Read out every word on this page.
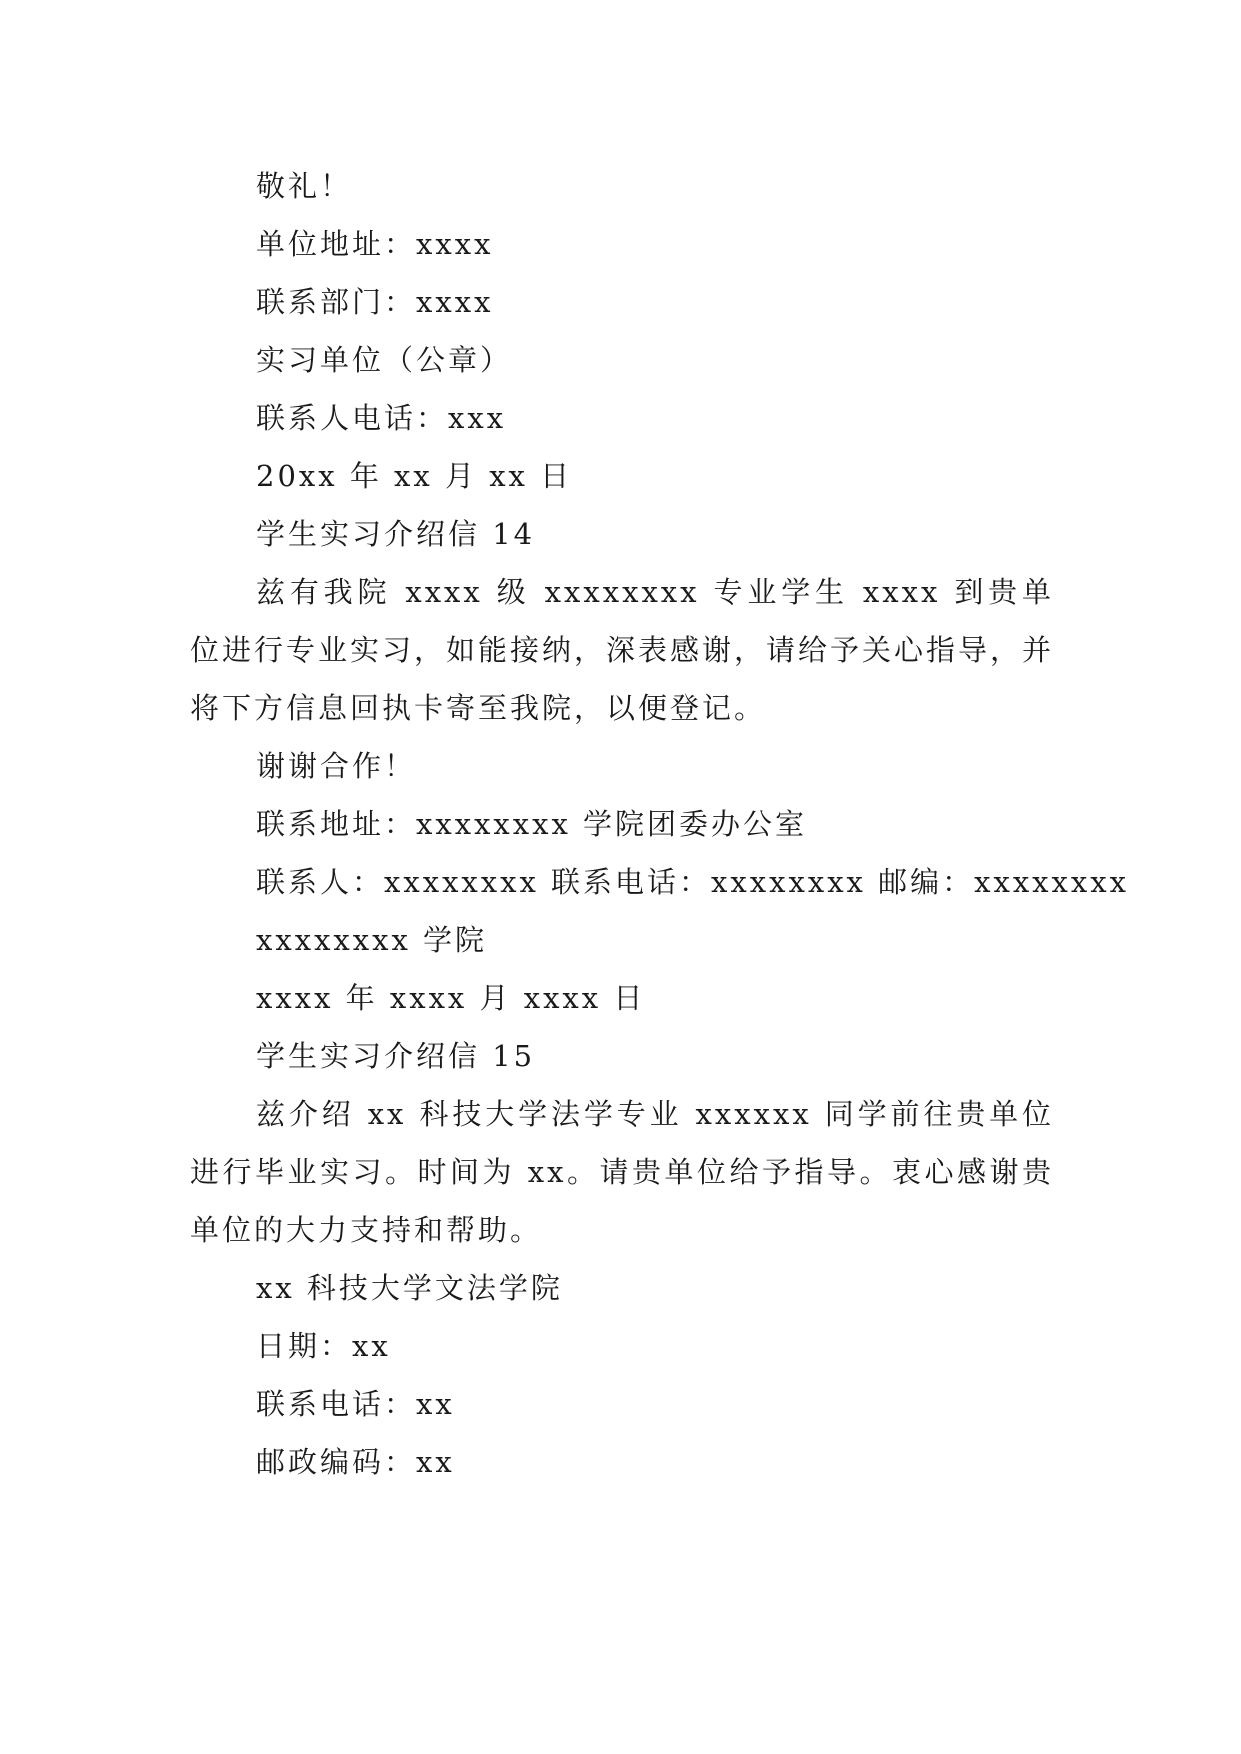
敬礼！

单位地址：xxxx

联系部门：xxxx

实习单位（公章）

联系人电话：xxx

20xx 年 xx 月 xx 日

学生实习介绍信 14

兹有我院 xxxx 级 xxxxxxxx 专业学生 xxxx 到贵单位进行专业实习，如能接纳，深表感谢，请给予关心指导，并将下方信息回执卡寄至我院，以便登记。

谢谢合作！

联系地址：xxxxxxxx 学院团委办公室

联系人：xxxxxxxx 联系电话：xxxxxxxx 邮编：xxxxxxxx

xxxxxxxx 学院

xxxx 年 xxxx 月 xxxx 日

学生实习介绍信 15

兹介绍 xx 科技大学法学专业 xxxxxx 同学前往贵单位进行毕业实习。时间为 xx。请贵单位给予指导。衷心感谢贵单位的大力支持和帮助。

xx 科技大学文法学院

日期：xx

联系电话：xx

邮政编码：xx
